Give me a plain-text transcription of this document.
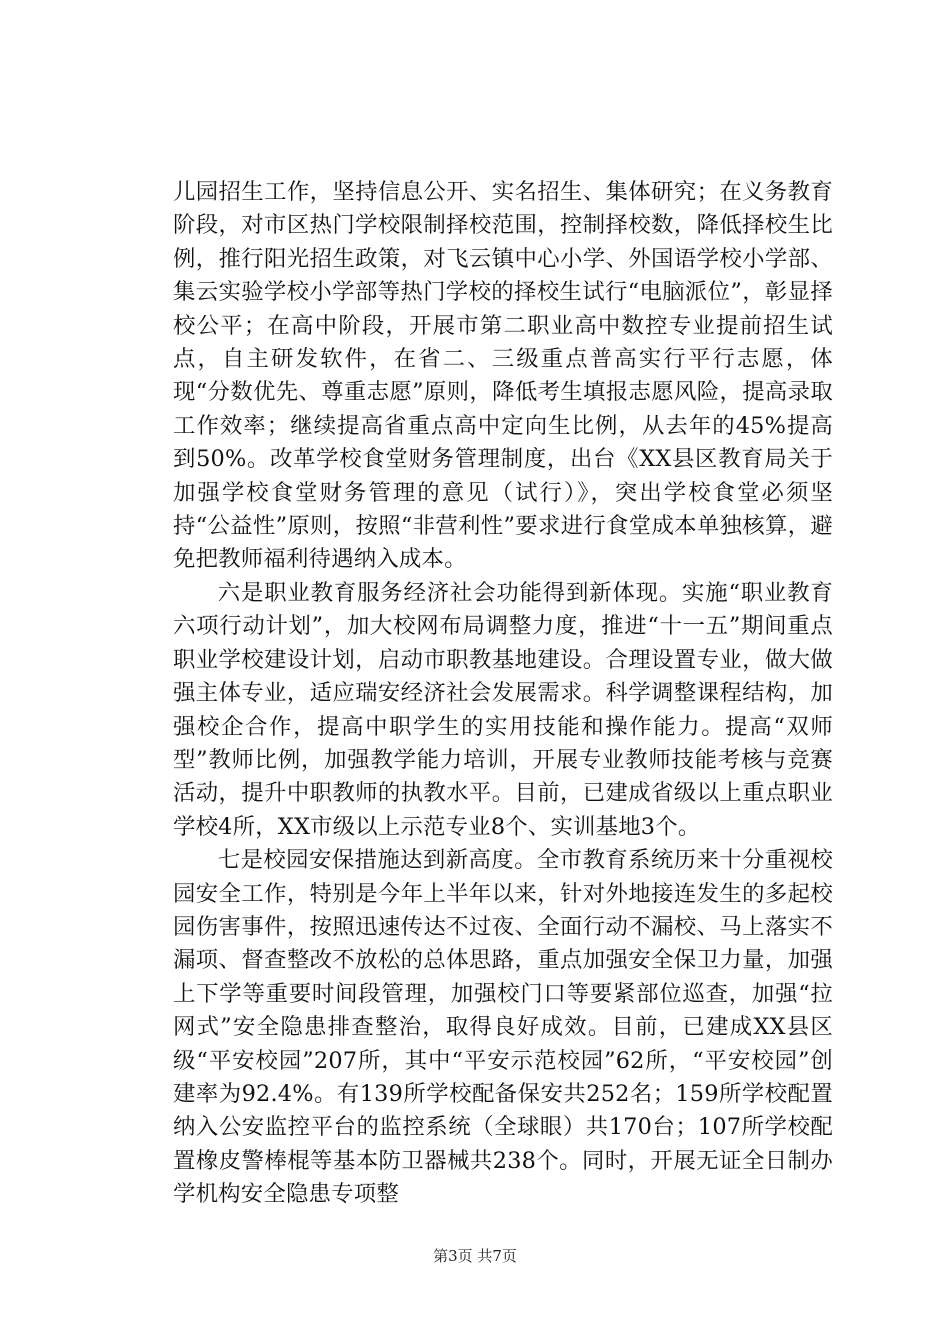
儿园招生工作，坚持信息公开、实名招生、集体研究；在义务教育阶段，对市区热门学校限制择校范围，控制择校数，降低择校生比例，推行阳光招生政策，对飞云镇中心小学、外国语学校小学部、集云实验学校小学部等热门学校的择校生试行“电脑派位”，彰显择校公平；在高中阶段，开展市第二职业高中数控专业提前招生试点，自主研发软件，在省二、三级重点普高实行平行志愿，体现“分数优先、尊重志愿”原则，降低考生填报志愿风险，提高录取工作效率；继续提高省重点高中定向生比例，从去年的45%提高到50%。改革学校食堂财务管理制度，出台《XX县区教育局关于加强学校食堂财务管理的意见（试行）》，突出学校食堂必须坚持“公益性”原则，按照“非营利性”要求进行食堂成本单独核算，避免把教师福利待遇纳入成本。

六是职业教育服务经济社会功能得到新体现。实施“职业教育六项行动计划”，加大校网布局调整力度，推进“十一五”期间重点职业学校建设计划，启动市职教基地建设。合理设置专业，做大做强主体专业，适应瑞安经济社会发展需求。科学调整课程结构，加强校企合作，提高中职学生的实用技能和操作能力。提高“双师型”教师比例，加强教学能力培训，开展专业教师技能考核与竞赛活动，提升中职教师的执教水平。目前，已建成省级以上重点职业学校4所，XX市级以上示范专业8个、实训基地3个。

七是校园安保措施达到新高度。全市教育系统历来十分重视校园安全工作，特别是今年上半年以来，针对外地接连发生的多起校园伤害事件，按照迅速传达不过夜、全面行动不漏校、马上落实不漏项、督查整改不放松的总体思路，重点加强安全保卫力量，加强上下学等重要时间段管理，加强校门口等要紧部位巡查，加强“拉网式”安全隐患排查整治，取得良好成效。目前，已建成XX县区级“平安校园”207所，其中“平安示范校园”62所，“平安校园”创建率为92.4%。有139所学校配备保安共252名；159所学校配置纳入公安监控平台的监控系统（全球眼）共170台；107所学校配置橡皮警棒棍等基本防卫器械共238个。同时，开展无证全日制办学机构安全隐患专项整

第3页 共7页
